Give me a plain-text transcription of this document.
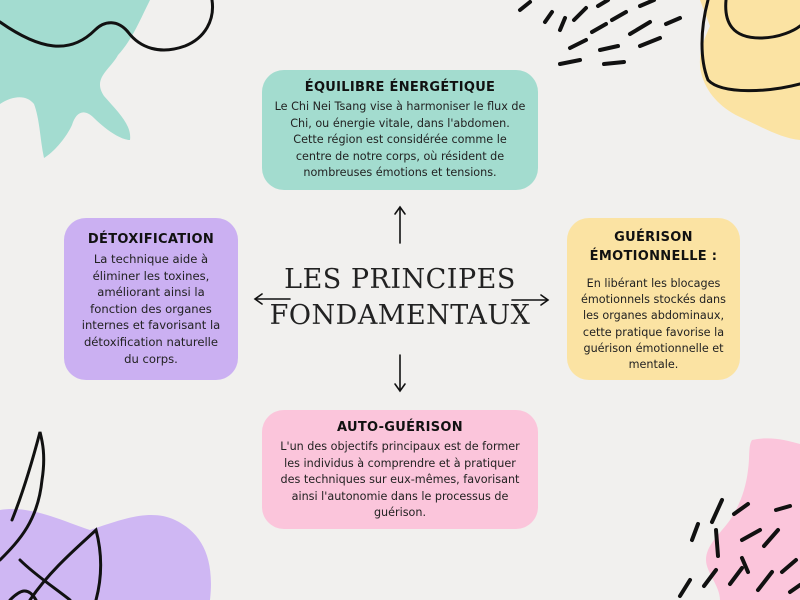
LES PRINCIPES
FONDAMENTAUX
ÉQUILIBRE ÉNERGÉTIQUE

Le Chi Nei Tsang vise à harmoniser le flux de Chi, ou énergie vitale, dans l'abdomen. Cette région est considérée comme le centre de notre corps, où résident de nombreuses émotions et tensions.

DÉTOXIFICATION

La technique aide à éliminer les toxines, améliorant ainsi la fonction des organes internes et favorisant la détoxification naturelle du corps.

GUÉRISON ÉMOTIONNELLE :

En libérant les blocages émotionnels stockés dans les organes abdominaux, cette pratique favorise la guérison émotionnelle et mentale.

AUTO-GUÉRISON

L'un des objectifs principaux est de former les individus à comprendre et à pratiquer des techniques sur eux-mêmes, favorisant ainsi l'autonomie dans le processus de guérison.
